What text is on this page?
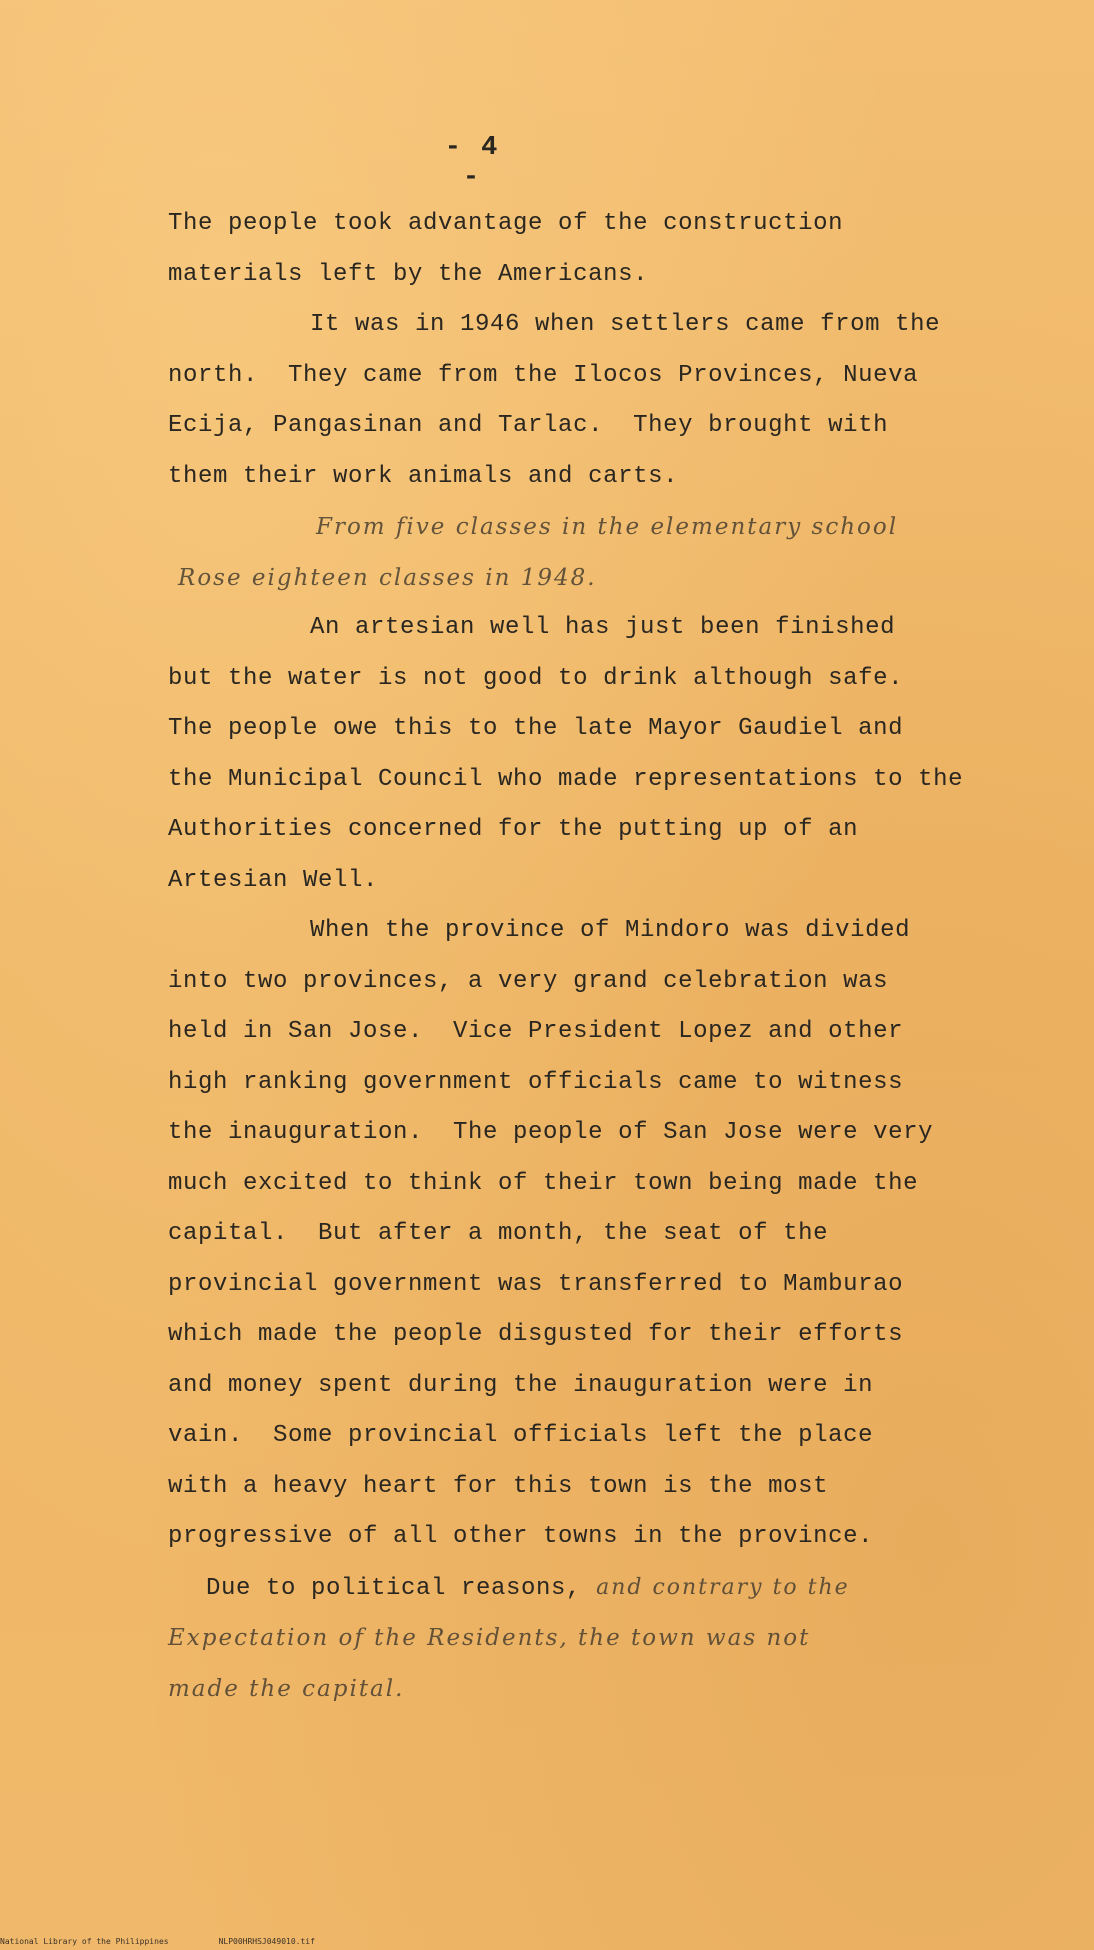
- 4 -
The people took advantage of the construction
materials left by the Americans.
It was in 1946 when settlers came from the
north.  They came from the Ilocos Provinces, Nueva
Ecija, Pangasinan and Tarlac.  They brought with
them their work animals and carts.
From five classes in the elementary school
Rose eighteen classes in 1948.
An artesian well has just been finished
but the water is not good to drink although safe.
The people owe this to the late Mayor Gaudiel and
the Municipal Council who made representations to the
Authorities concerned for the putting up of an
Artesian Well.
When the province of Mindoro was divided
into two provinces, a very grand celebration was
held in San Jose.  Vice President Lopez and other
high ranking government officials came to witness
the inauguration.  The people of San Jose were very
much excited to think of their town being made the
capital.  But after a month, the seat of the
provincial government was transferred to Mamburao
which made the people disgusted for their efforts
and money spent during the inauguration were in
vain.  Some provincial officials left the place
with a heavy heart for this town is the most
progressive of all other towns in the province.
Due to political reasons, and contrary to the
Expectation of the Residents, the town was not
made the capital.
National Library of the Philippines	NLP00HRHSJ049010.tif
